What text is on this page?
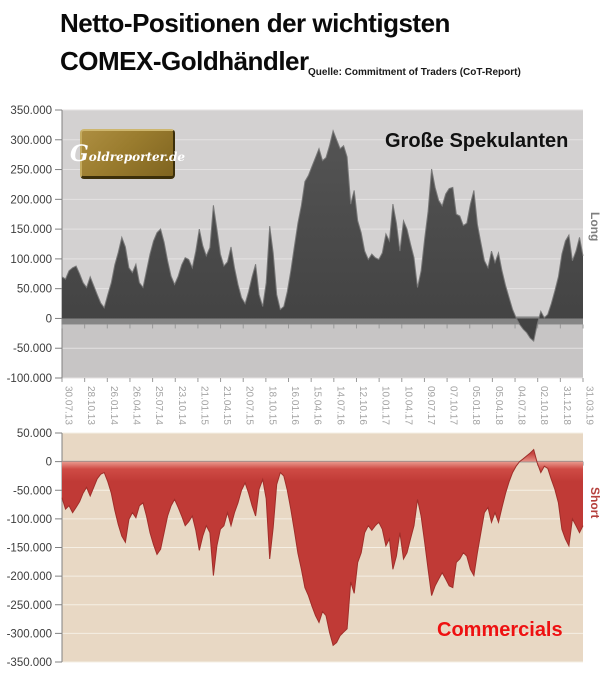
350.000
300.000
250.000
200.000
150.000
100.000
50.000
0
-50.000
-100.000
30.07.13 28.10.13 26.01.14 26.04.14 25.07.14 23.10.14 21.01.15 21.04.15 20.07.15 18.10.15 16.01.16 15.04.16 14.07.16 12.10.16 10.01.17 10.04.17 09.07.17 07.10.17 05.01.18 05.04.18 04.07.18 02.10.18 31.12.18 31.03.19
50.000
0
-50.000
-100.000
-150.000
-200.000
-250.000
-300.000
-350.000
Netto-Positionen der wichtigsten
COMEX-Goldhändler Quelle: Commitment of Traders (CoT-Report)
Goldreporter.de
Große Spekulanten
Commercials
Long
Short
